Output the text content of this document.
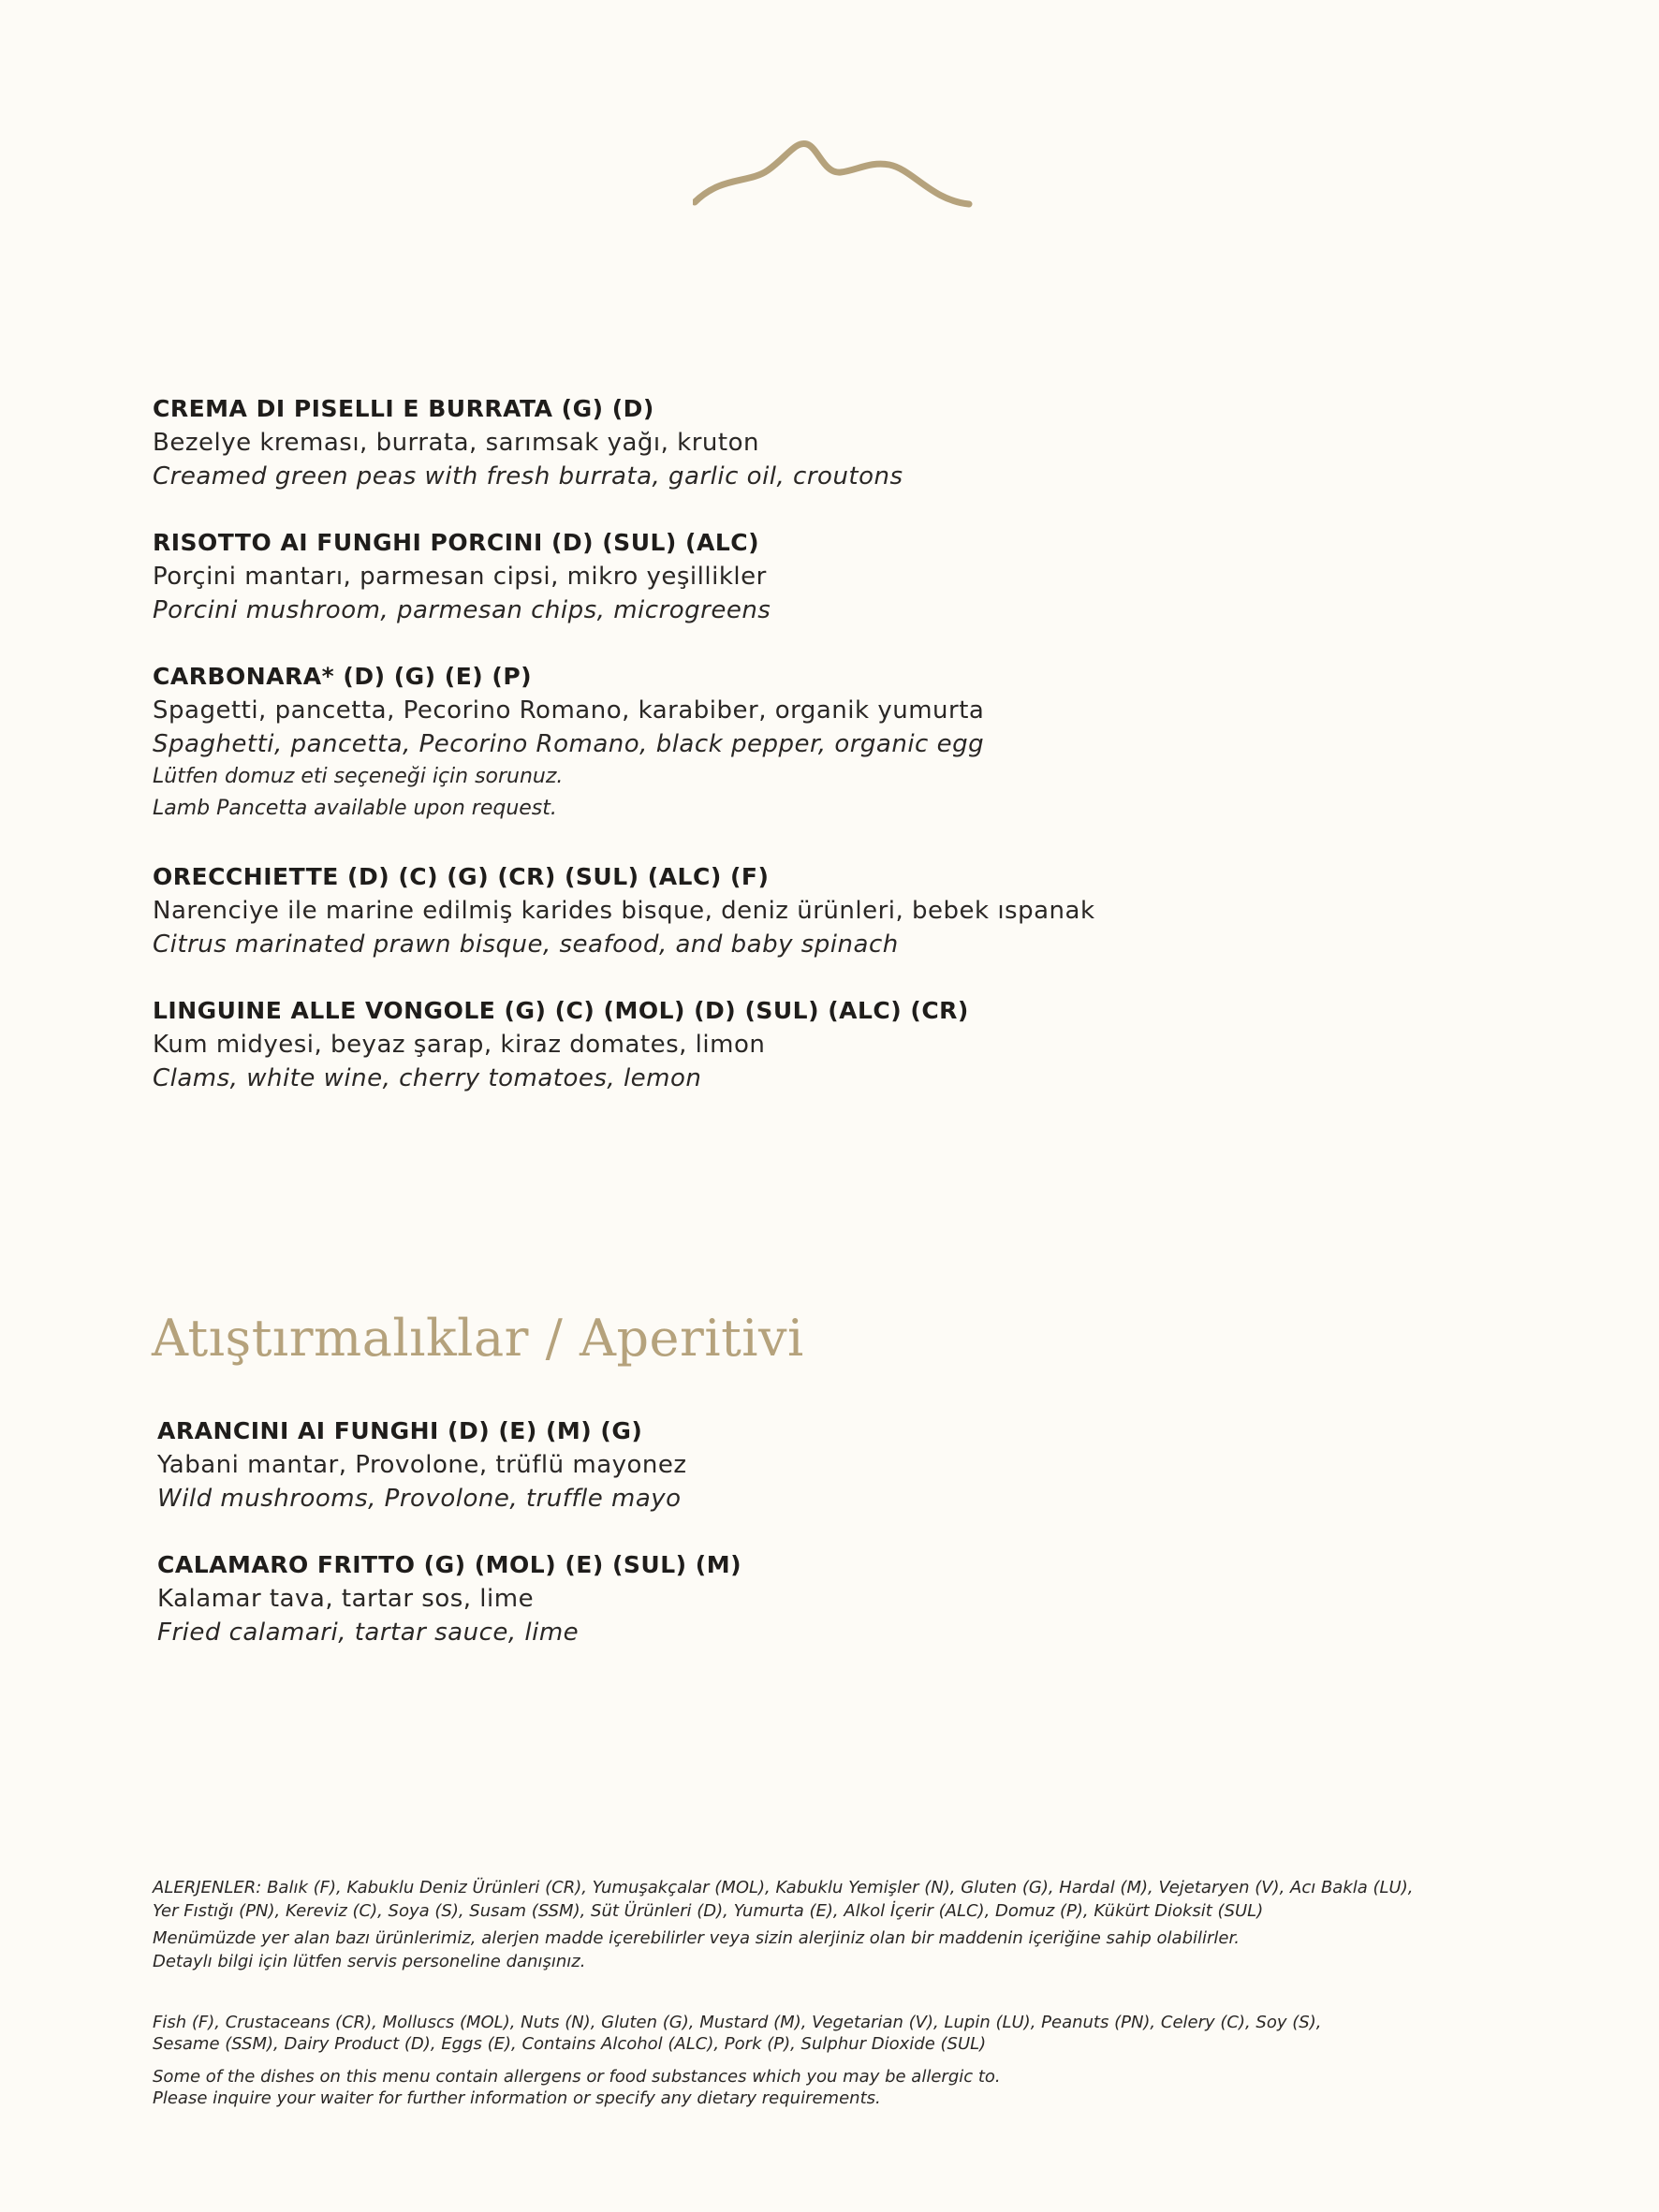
CREMA DI PISELLI E BURRATA (G) (D)
Bezelye kreması, burrata, sarımsak yağı, kruton
Creamed green peas with fresh burrata, garlic oil, croutons
RISOTTO AI FUNGHI PORCINI (D) (SUL) (ALC)
Porçini mantarı, parmesan cipsi, mikro yeşillikler
Porcini mushroom, parmesan chips, microgreens
CARBONARA* (D) (G) (E) (P)
Spagetti, pancetta, Pecorino Romano, karabiber, organik yumurta
Spaghetti, pancetta, Pecorino Romano, black pepper, organic egg
Lütfen domuz eti seçeneği için sorunuz.
Lamb Pancetta available upon request.
ORECCHIETTE (D) (C) (G) (CR) (SUL) (ALC) (F)
Narenciye ile marine edilmiş karides bisque, deniz ürünleri, bebek ıspanak
Citrus marinated prawn bisque, seafood, and baby spinach
LINGUINE ALLE VONGOLE (G) (C) (MOL) (D) (SUL) (ALC) (CR)
Kum midyesi, beyaz şarap, kiraz domates, limon
Clams, white wine, cherry tomatoes, lemon
Atıştırmalıklar / Aperitivi
ARANCINI AI FUNGHI (D) (E) (M) (G)
Yabani mantar, Provolone, trüflü mayonez
Wild mushrooms, Provolone, truffle mayo
CALAMARO FRITTO (G) (MOL) (E) (SUL) (M)
Kalamar tava, tartar sos, lime
Fried calamari, tartar sauce, lime
ALERJENLER: Balık (F), Kabuklu Deniz Ürünleri (CR), Yumuşakçalar (MOL), Kabuklu Yemişler (N), Gluten (G), Hardal (M), Vejetaryen (V), Acı Bakla (LU),
Yer Fıstığı (PN), Kereviz (C), Soya (S), Susam (SSM), Süt Ürünleri (D), Yumurta (E), Alkol İçerir (ALC), Domuz (P), Kükürt Dioksit (SUL)
Menümüzde yer alan bazı ürünlerimiz, alerjen madde içerebilirler veya sizin alerjiniz olan bir maddenin içeriğine sahip olabilirler.
Detaylı bilgi için lütfen servis personeline danışınız.
Fish (F), Crustaceans (CR), Molluscs (MOL), Nuts (N), Gluten (G), Mustard (M), Vegetarian (V), Lupin (LU), Peanuts (PN), Celery (C), Soy (S),
Sesame (SSM), Dairy Product (D), Eggs (E), Contains Alcohol (ALC), Pork (P), Sulphur Dioxide (SUL)
Some of the dishes on this menu contain allergens or food substances which you may be allergic to.
Please inquire your waiter for further information or specify any dietary requirements.
